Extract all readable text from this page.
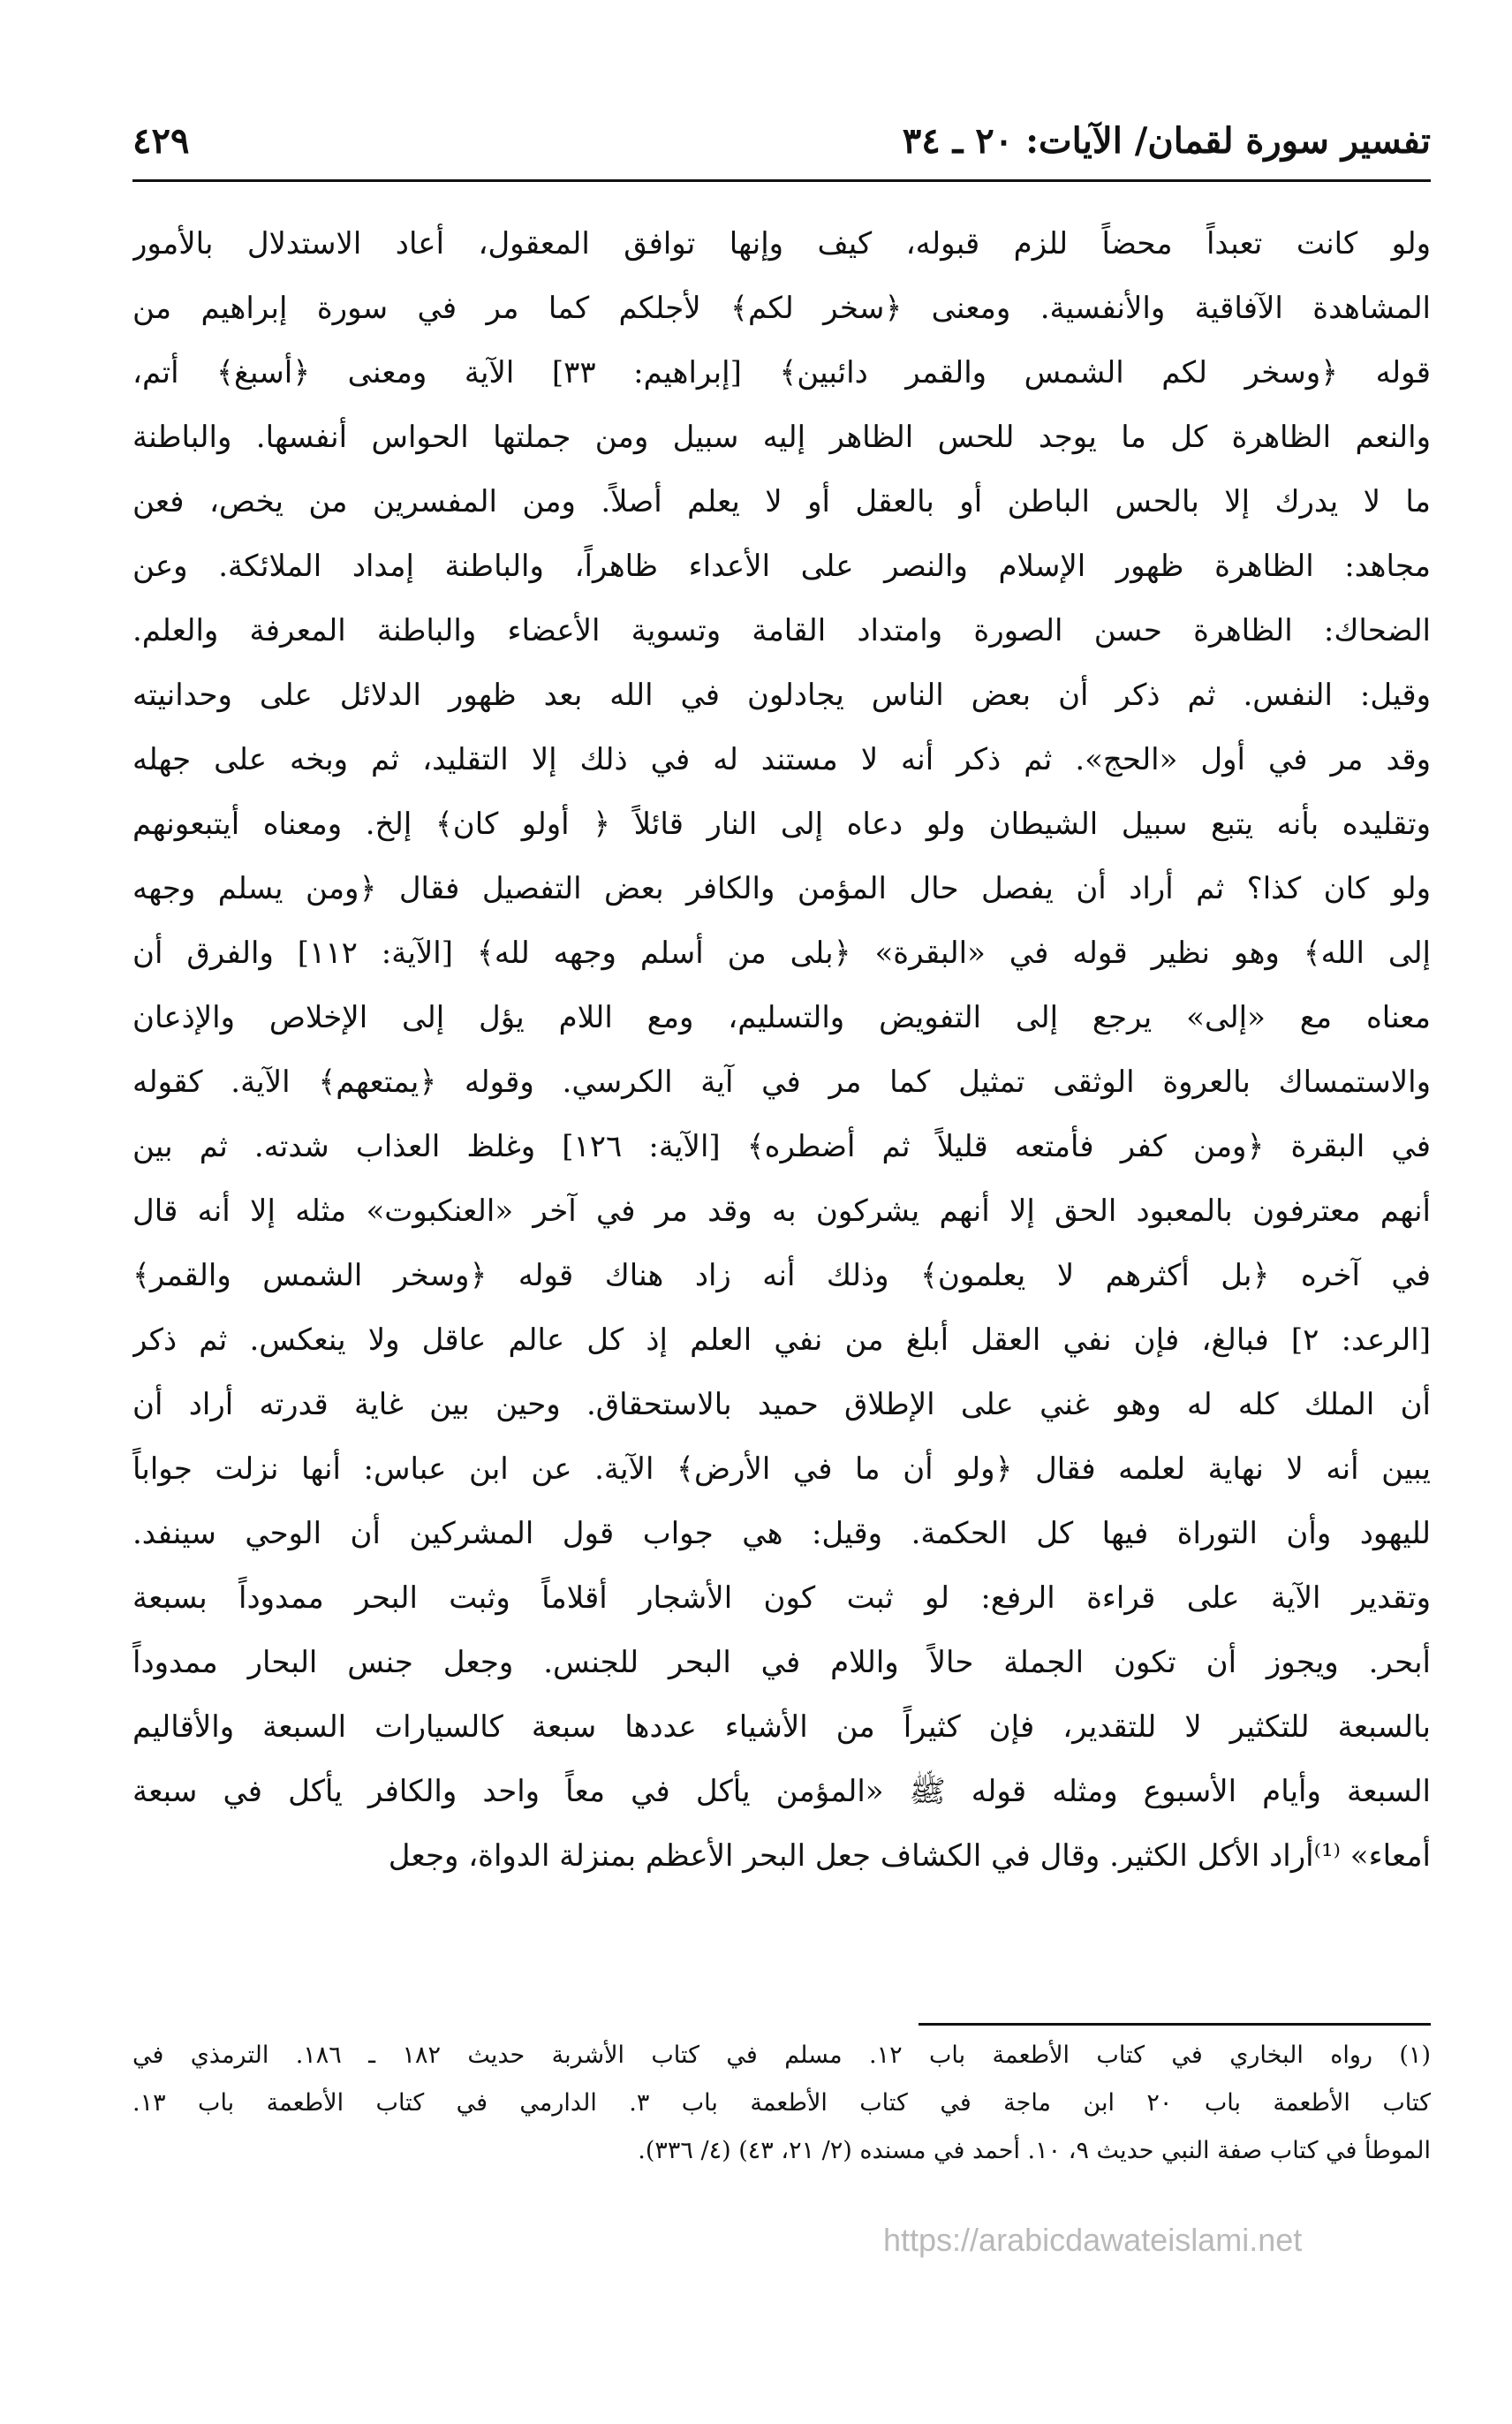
تفسير سورة لقمان/ الآيات: ٢٠ ـ ٣٤
٤٢٩
ولو كانت تعبداً محضاً للزم قبوله، كيف وإنها توافق المعقول، أعاد الاستدلال بالأمور
المشاهدة الآفاقية والأنفسية. ومعنى ﴿سخر لكم﴾ لأجلكم كما مر في سورة إبراهيم من
قوله ﴿وسخر لكم الشمس والقمر دائبين﴾ [إبراهيم: ٣٣] الآية ومعنى ﴿أسبغ﴾ أتم،
والنعم الظاهرة كل ما يوجد للحس الظاهر إليه سبيل ومن جملتها الحواس أنفسها. والباطنة
ما لا يدرك إلا بالحس الباطن أو بالعقل أو لا يعلم أصلاً. ومن المفسرين من يخص، فعن
مجاهد: الظاهرة ظهور الإسلام والنصر على الأعداء ظاهراً، والباطنة إمداد الملائكة. وعن
الضحاك: الظاهرة حسن الصورة وامتداد القامة وتسوية الأعضاء والباطنة المعرفة والعلم.
وقيل: النفس. ثم ذكر أن بعض الناس يجادلون في الله بعد ظهور الدلائل على وحدانيته
وقد مر في أول «الحج». ثم ذكر أنه لا مستند له في ذلك إلا التقليد، ثم وبخه على جهله
وتقليده بأنه يتبع سبيل الشيطان ولو دعاه إلى النار قائلاً ﴿ أولو كان﴾ إلخ. ومعناه أيتبعونهم
ولو كان كذا؟ ثم أراد أن يفصل حال المؤمن والكافر بعض التفصيل فقال ﴿ومن يسلم وجهه
إلى الله﴾ وهو نظير قوله في «البقرة» ﴿بلى من أسلم وجهه لله﴾ [الآية: ١١٢] والفرق أن
معناه مع «إلى» يرجع إلى التفويض والتسليم، ومع اللام يؤل إلى الإخلاص والإذعان
والاستمساك بالعروة الوثقى تمثيل كما مر في آية الكرسي. وقوله ﴿يمتعهم﴾ الآية. كقوله
في البقرة ﴿ومن كفر فأمتعه قليلاً ثم أضطره﴾ [الآية: ١٢٦] وغلظ العذاب شدته. ثم بين
أنهم معترفون بالمعبود الحق إلا أنهم يشركون به وقد مر في آخر «العنكبوت» مثله إلا أنه قال
في آخره ﴿بل أكثرهم لا يعلمون﴾ وذلك أنه زاد هناك قوله ﴿وسخر الشمس والقمر﴾
[الرعد: ٢] فبالغ، فإن نفي العقل أبلغ من نفي العلم إذ كل عالم عاقل ولا ينعكس. ثم ذكر
أن الملك كله له وهو غني على الإطلاق حميد بالاستحقاق. وحين بين غاية قدرته أراد أن
يبين أنه لا نهاية لعلمه فقال ﴿ولو أن ما في الأرض﴾ الآية. عن ابن عباس: أنها نزلت جواباً
لليهود وأن التوراة فيها كل الحكمة. وقيل: هي جواب قول المشركين أن الوحي سينفد.
وتقدير الآية على قراءة الرفع: لو ثبت كون الأشجار أقلاماً وثبت البحر ممدوداً بسبعة
أبحر. ويجوز أن تكون الجملة حالاً واللام في البحر للجنس. وجعل جنس البحار ممدوداً
بالسبعة للتكثير لا للتقدير، فإن كثيراً من الأشياء عددها سبعة كالسيارات السبعة والأقاليم
السبعة وأيام الأسبوع ومثله قوله ﷺ «المؤمن يأكل في معاً واحد والكافر يأكل في سبعة
أمعاء» ⁽¹⁾أراد الأكل الكثير. وقال في الكشاف جعل البحر الأعظم بمنزلة الدواة، وجعل
(١) رواه البخاري في كتاب الأطعمة باب ١٢. مسلم في كتاب الأشربة حديث ١٨٢ ـ ١٨٦. الترمذي في
كتاب الأطعمة باب ٢٠ ابن ماجة في كتاب الأطعمة باب ٣. الدارمي في كتاب الأطعمة باب ١٣.
الموطأ في كتاب صفة النبي حديث ٩، ١٠. أحمد في مسنده (٢/ ٢١، ٤٣) (٤/ ٣٣٦).
https://arabicdawateislami.net
